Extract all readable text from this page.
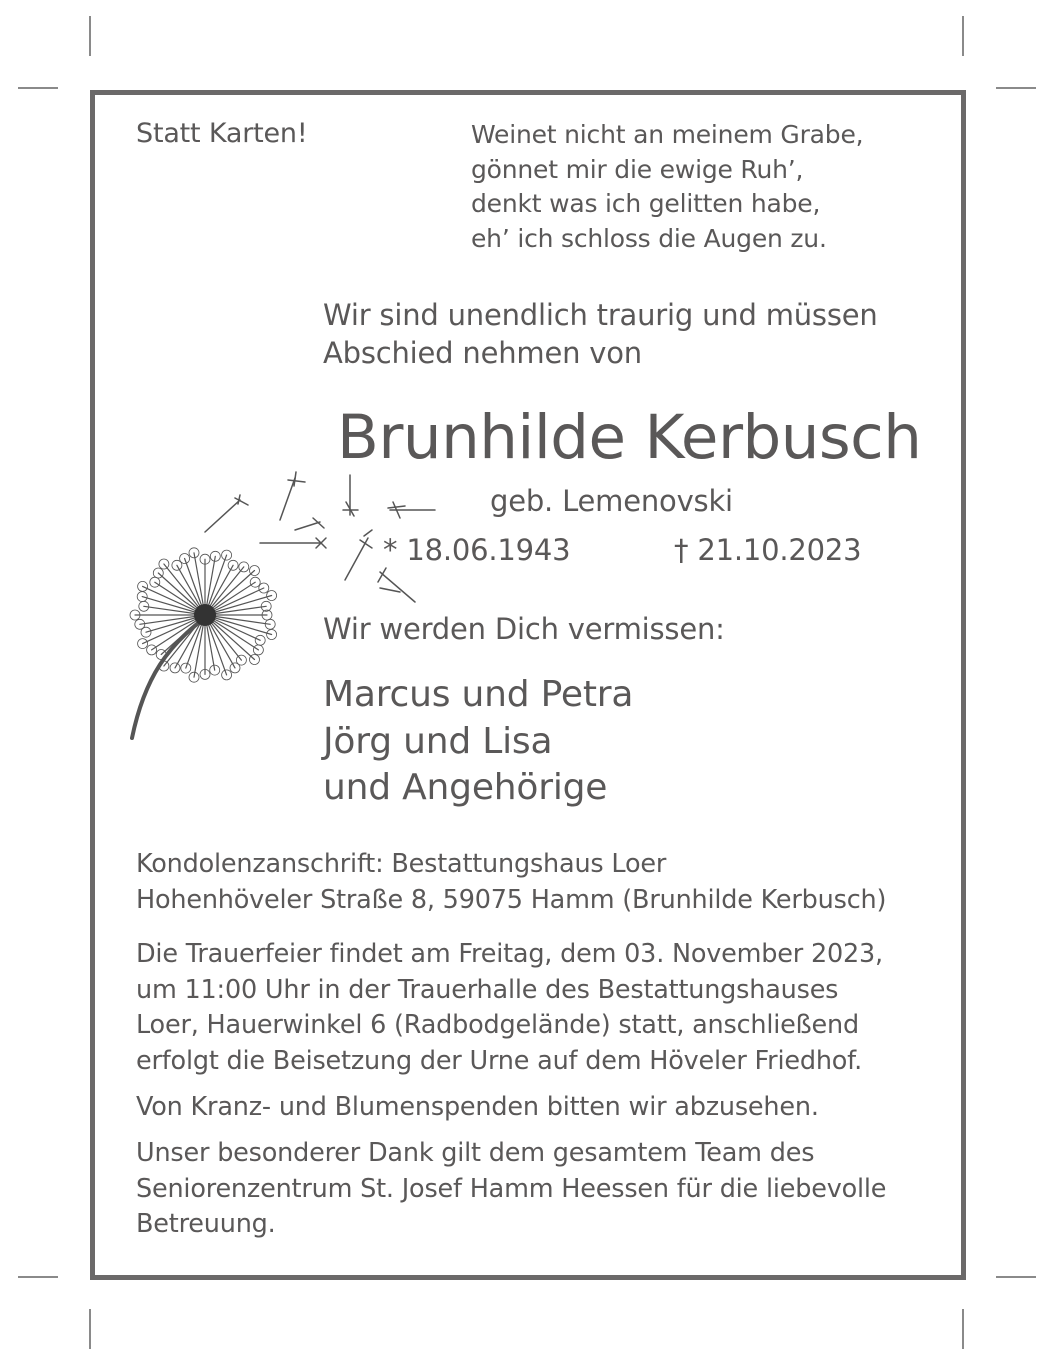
Statt Karten!	Weinet nicht an meinem Grabe,
gönnet mir die ewige Ruh’,
denkt was ich gelitten habe,
eh’ ich schloss die Augen zu.
Wir sind unendlich traurig und müssen
Abschied nehmen von
Brunhilde Kerbusch
geb. Lemenovski
* 18.06.1943	† 21.10.2023
Wir werden Dich vermissen:
Marcus und Petra
Jörg und Lisa
und Angehörige
Kondolenzanschrift: Bestattungshaus Loer
Hohenhöveler Straße 8, 59075 Hamm (Brunhilde Kerbusch)
Die Trauerfeier findet am Freitag, dem 03. November 2023,
um 11:00 Uhr in der Trauerhalle des Bestattungshauses
Loer, Hauerwinkel 6 (Radbodgelände) statt, anschließend
erfolgt die Beisetzung der Urne auf dem Höveler Friedhof.
Von Kranz- und Blumenspenden bitten wir abzusehen.
Unser besonderer Dank gilt dem gesamtem Team des
Seniorenzentrum St. Josef Hamm Heessen für die liebevolle
Betreuung.
